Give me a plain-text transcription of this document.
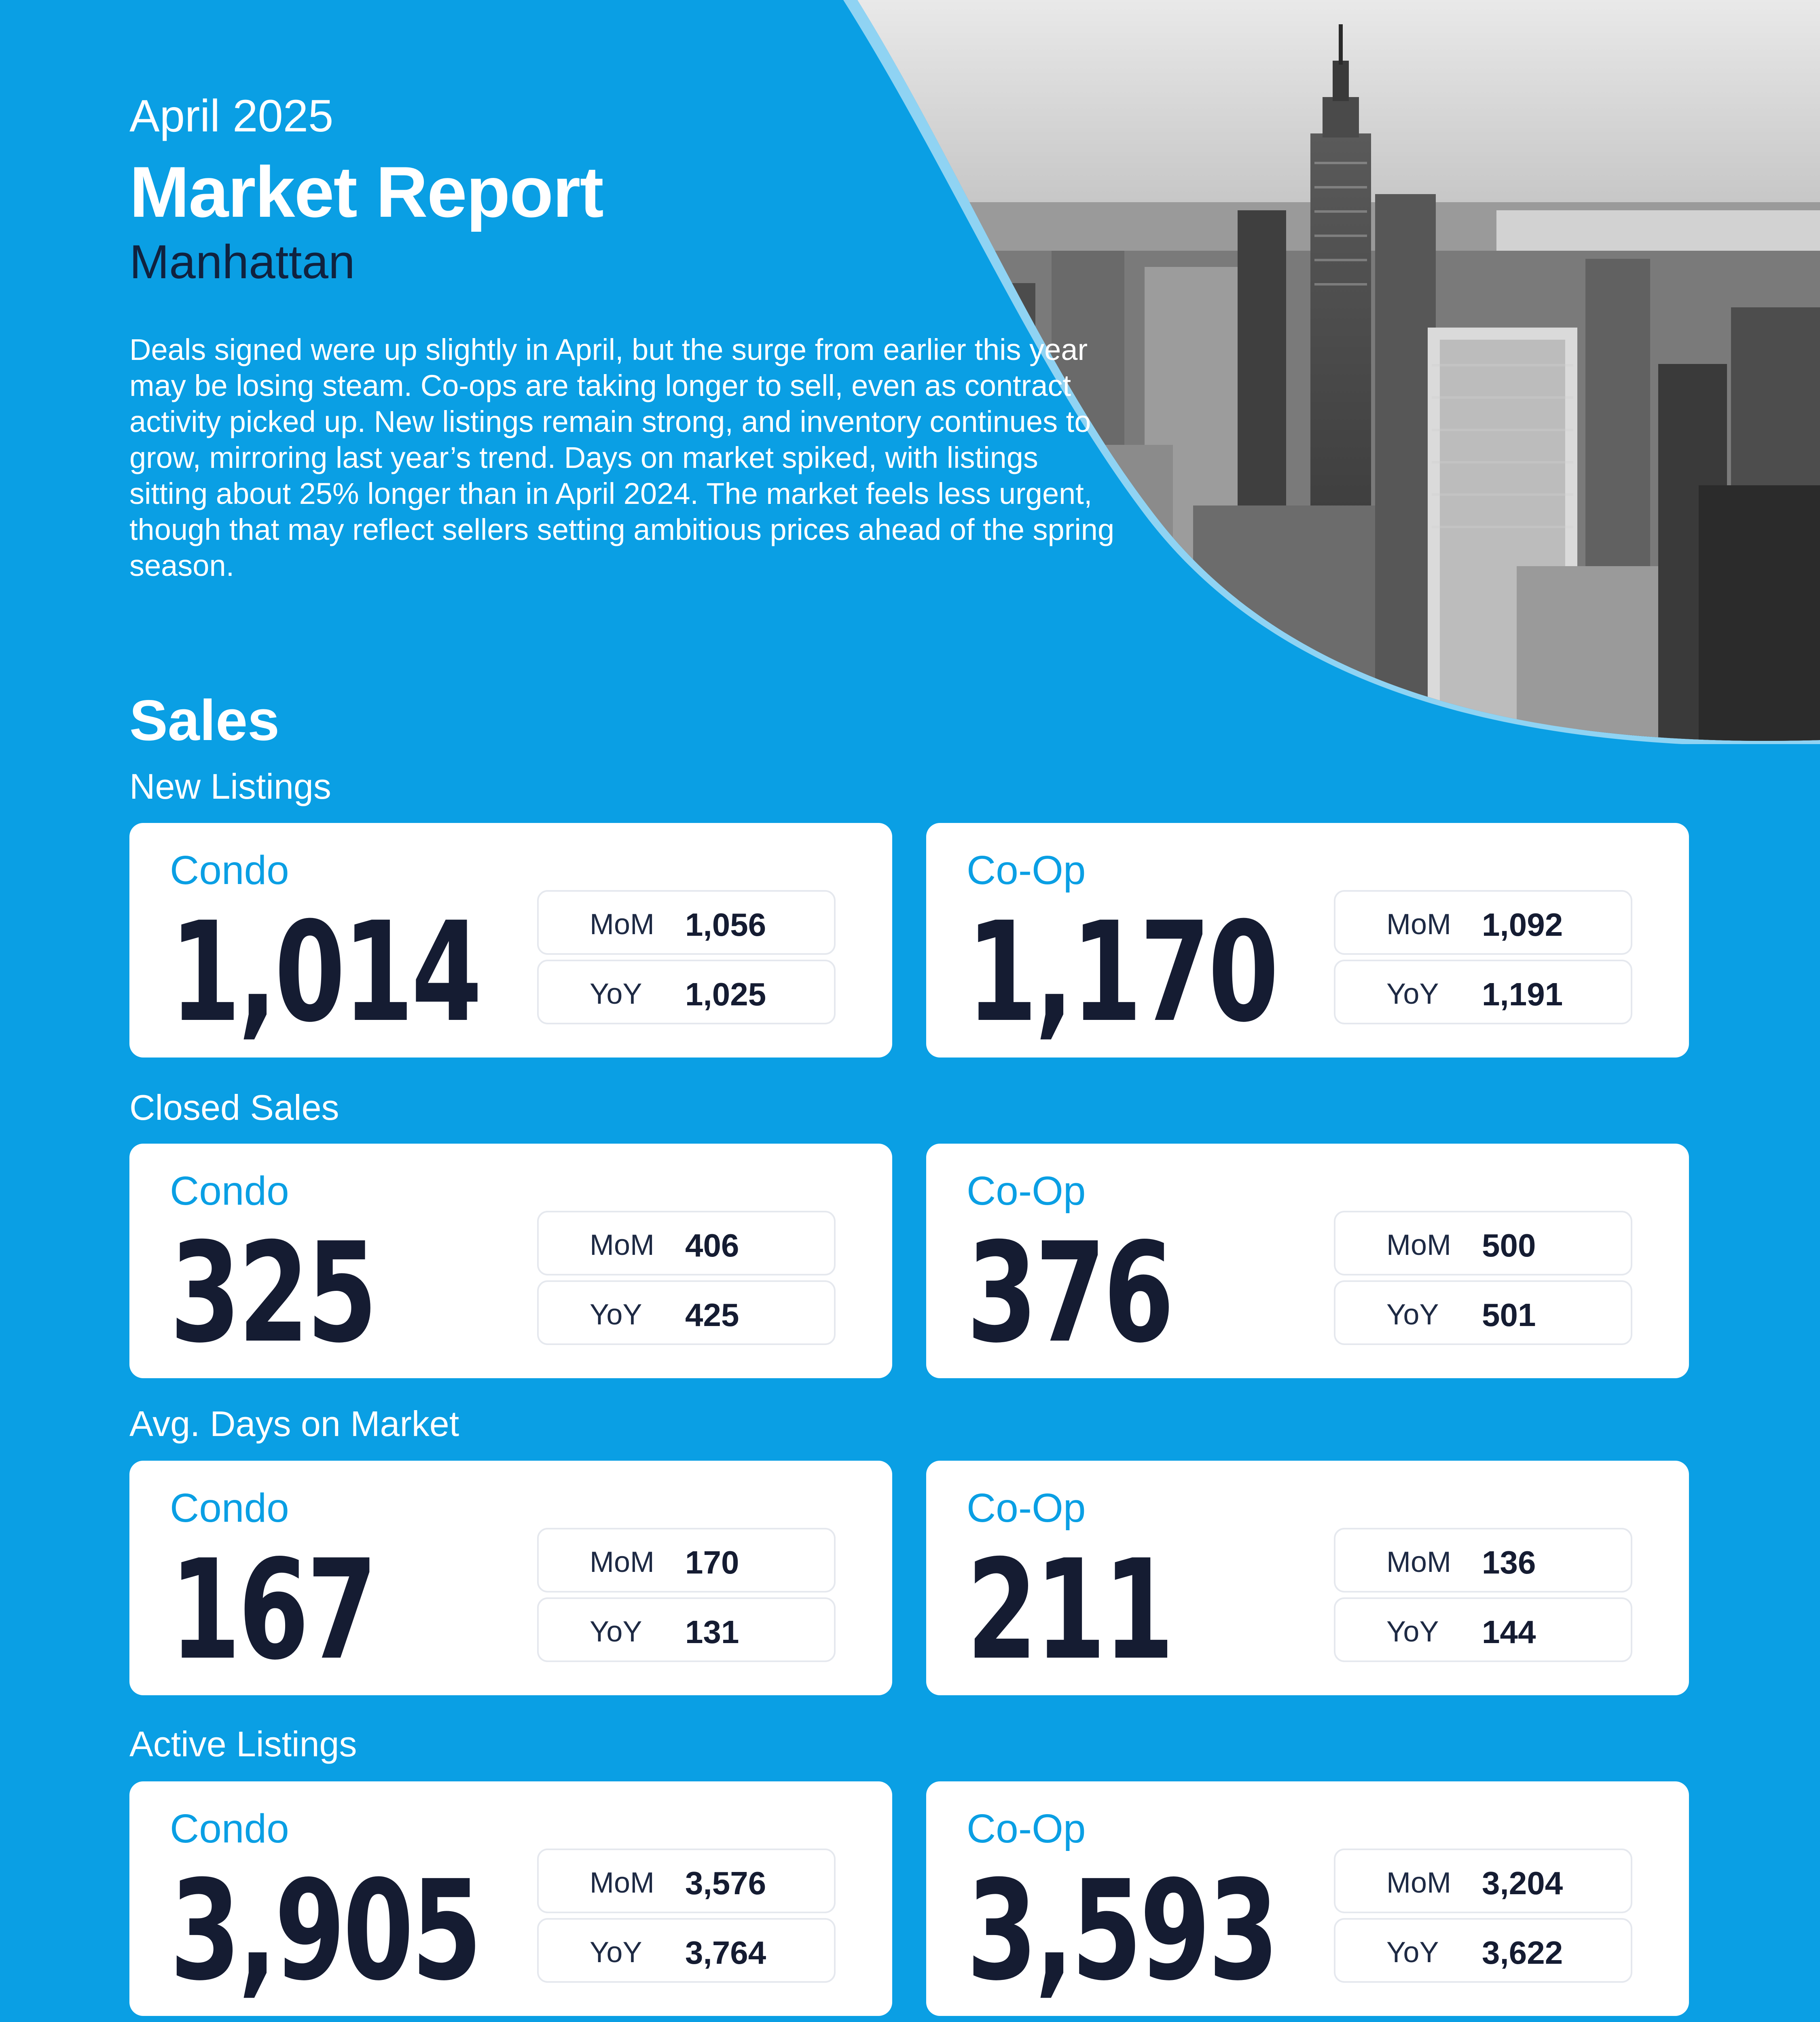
April 2025
Market Report
Manhattan
Deals signed were up slightly in April, but the surge from earlier this year may be losing steam. Co-ops are taking longer to sell, even as contract activity picked up. New listings remain strong, and inventory continues to grow, mirroring last year’s trend. Days on market spiked, with listings sitting about 25% longer than in April 2024. The market feels less urgent, though that may reflect sellers setting ambitious prices ahead of the spring season.
Sales
New Listings
Condo
1,014	MoM 1,056
YoY 1,025
Co-Op
1,170	MoM 1,092
YoY 1,191
Closed Sales
Condo
325	MoM 406
YoY 425
Co-Op
376	MoM 500
YoY 501
Avg. Days on Market
Condo
167	MoM 170
YoY 131
Co-Op
211	MoM 136
YoY 144
Active Listings
Condo
3,905	MoM 3,576
YoY 3,764
Co-Op
3,593	MoM 3,204
YoY 3,622
